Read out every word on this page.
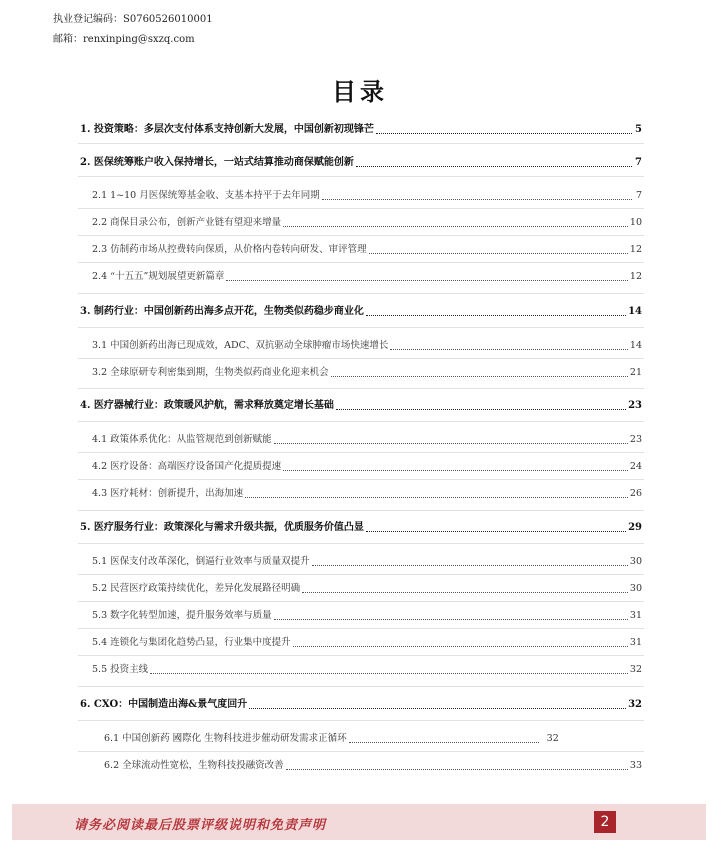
执业登记编码：S0760526010001
邮箱：renxinping@sxzq.com
目录
1. 投资策略：多层次支付体系支持创新大发展，中国创新初现锋芒	5
2. 医保统筹账户收入保持增长，一站式结算推动商保赋能创新	7
2.1 1~10 月医保统筹基金收、支基本持平于去年同期	7
2.2 商保目录公布，创新产业链有望迎来增量	10
2.3 仿制药市场从控费转向保质，从价格内卷转向研发、审评管理	12
2.4 “十五五”规划展望更新篇章	12
3. 制药行业：中国创新药出海多点开花，生物类似药稳步商业化	14
3.1 中国创新药出海已现成效，ADC、双抗驱动全球肿瘤市场快速增长	14
3.2 全球原研专利密集到期，生物类似药商业化迎来机会	21
4. 医疗器械行业：政策暖风护航，需求释放奠定增长基础	23
4.1 政策体系优化：从监管规范到创新赋能	23
4.2 医疗设备：高端医疗设备国产化提质提速	24
4.3 医疗耗材：创新提升，出海加速	26
5. 医疗服务行业：政策深化与需求升级共振，优质服务价值凸显	29
5.1 医保支付改革深化，倒逼行业效率与质量双提升	30
5.2 民营医疗政策持续优化，差异化发展路径明确	30
5.3 数字化转型加速，提升服务效率与质量	31
5.4 连锁化与集团化趋势凸显，行业集中度提升	31
5.5 投资主线	32
6. CXO：中国制造出海&景气度回升	32
6.1 中国创新药 國際化 生物科技进步催动研发需求正循环	32
6.2 全球流动性宽松，生物科技投融资改善	33
请务必阅读最后股票评级说明和免责声明	2
